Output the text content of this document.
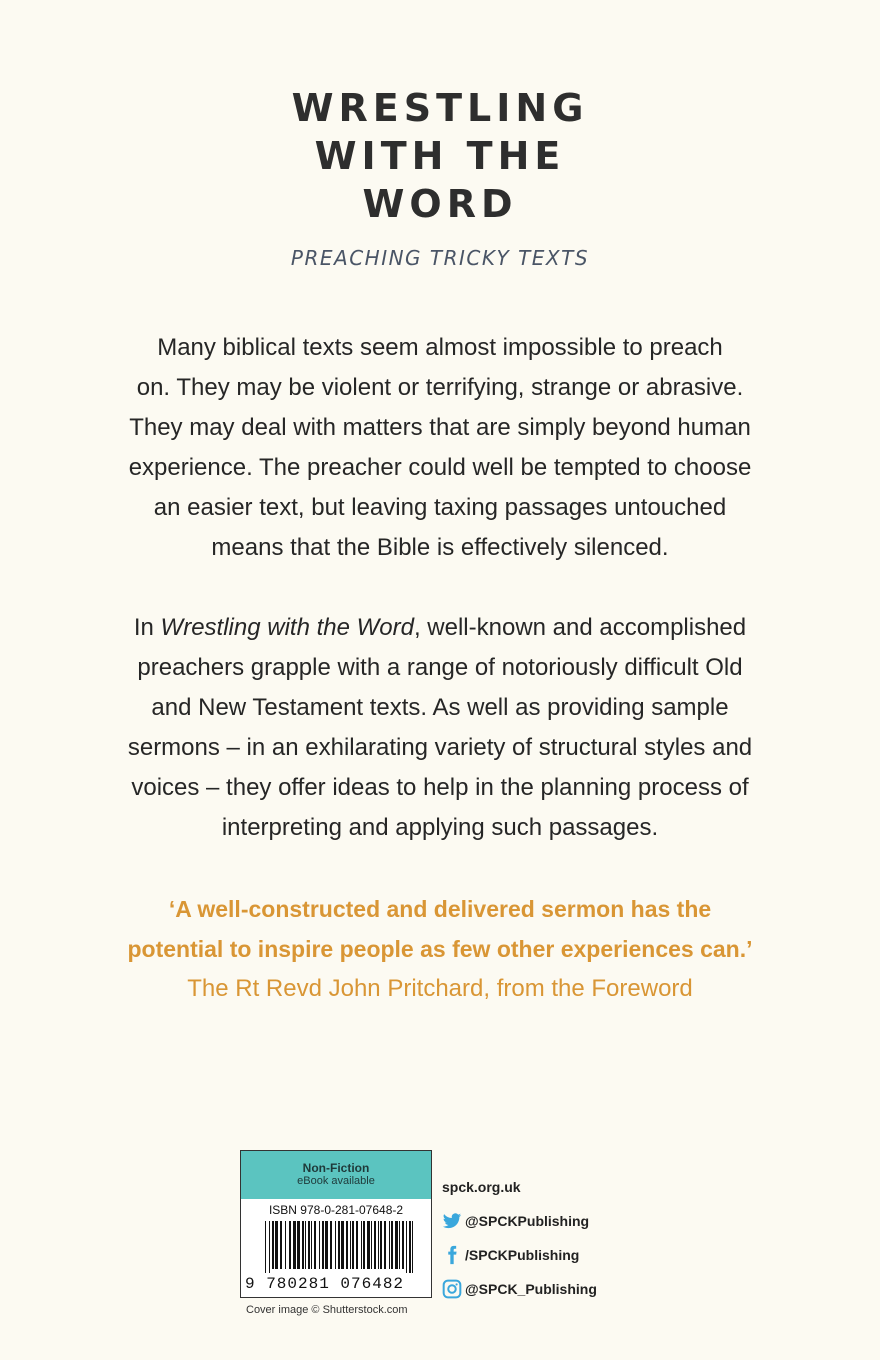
WRESTLING
WITH THE
WORD
PREACHING TRICKY TEXTS
Many biblical texts seem almost impossible to preach
on. They may be violent or terrifying, strange or abrasive.
They may deal with matters that are simply beyond human
experience. The preacher could well be tempted to choose
an easier text, but leaving taxing passages untouched
means that the Bible is effectively silenced.
In Wrestling with the Word, well-known and accomplished
preachers grapple with a range of notoriously difficult Old
and New Testament texts. As well as providing sample
sermons – in an exhilarating variety of structural styles and
voices – they offer ideas to help in the planning process of
interpreting and applying such passages.
‘A well-constructed and delivered sermon has the
potential to inspire people as few other experiences can.’
The Rt Revd John Pritchard, from the Foreword
Non-Fiction
eBook available
ISBN 978-0-281-07648-2
9 780281 076482
Cover image © Shutterstock.com
spck.org.uk
@SPCKPublishing
/SPCKPublishing
@SPCK_Publishing
